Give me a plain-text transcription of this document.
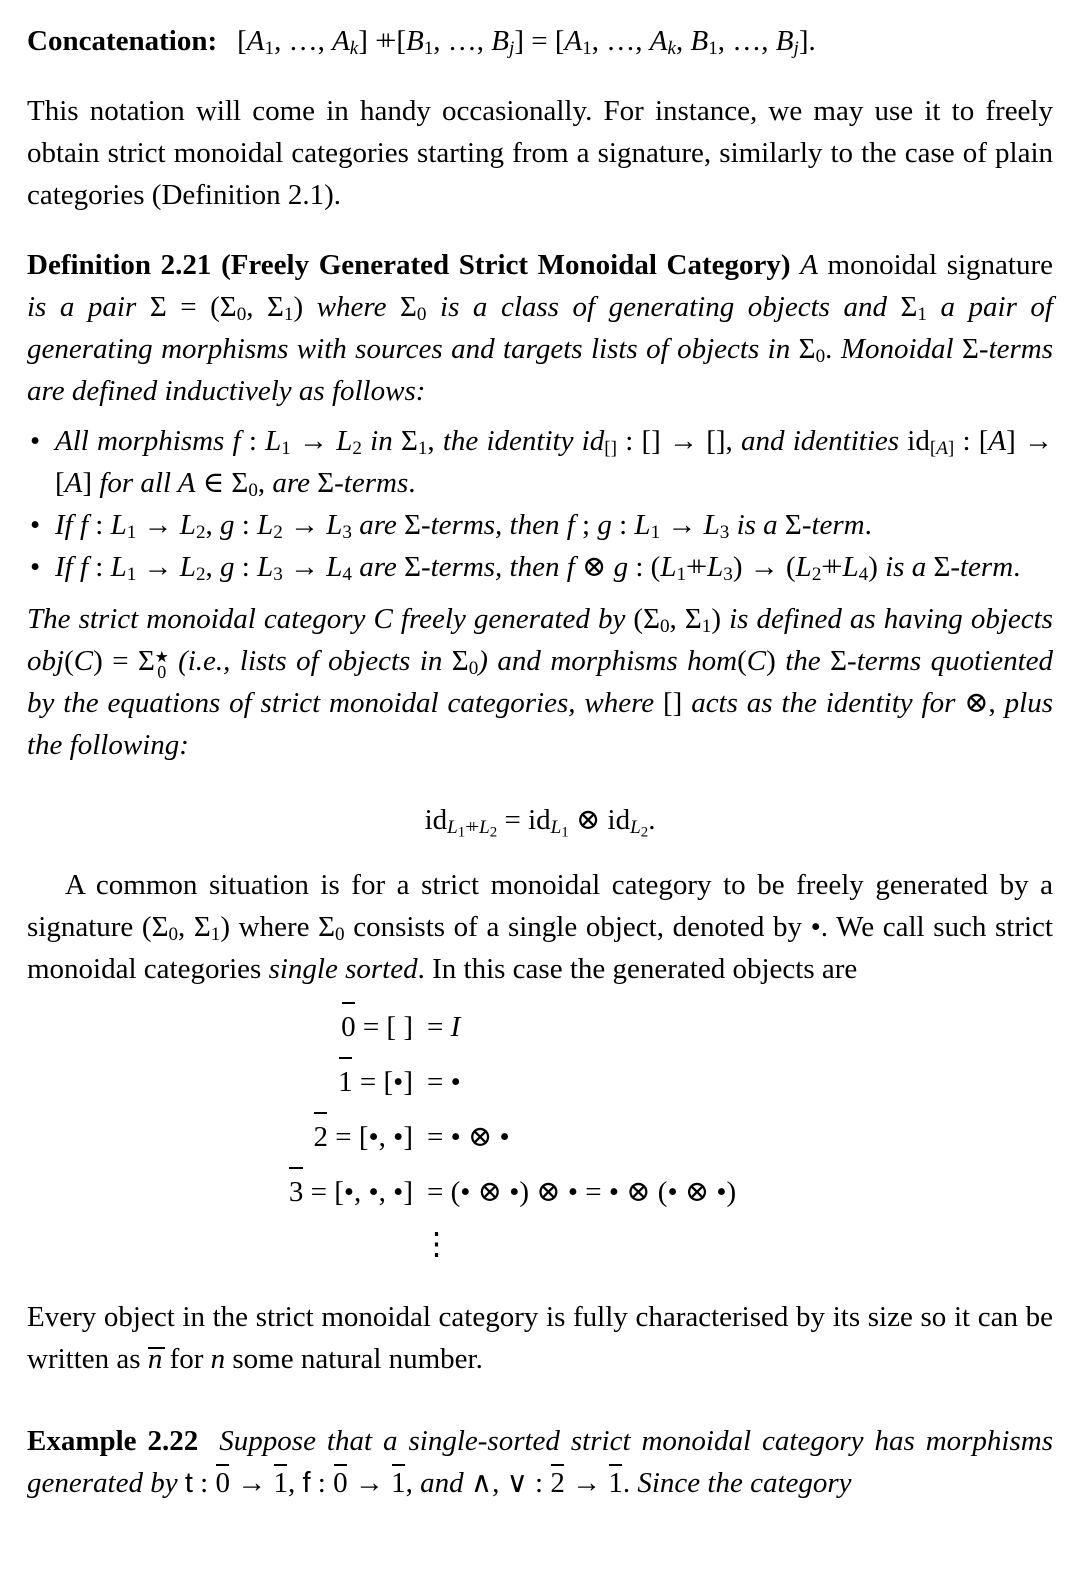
Concatenation: [$A_1$, …, $A_k] ++ [B_1$, …, $B_j] = [A_1$, …, $A_k$, $B_1$, …, $B_j$].

This notation will come in handy occasionally. For instance, we may use it to freely obtain strict monoidal categories starting from a signature, similarly to the case of plain categories (Definition 2.1).

Definition 2.21 (Freely Generated Strict Monoidal Category) A monoidal signature is a pair $\Sigma = (\Sigma_0$, $\Sigma_1$) where $\Sigma_0$ is a class of generating objects and $\Sigma_1$ a pair of generating morphisms with sources and targets lists of objects in $\Sigma_0$. Monoidal Σ-terms are defined inductively as follows:

• All morphisms f : $L_1 \to L_2$ in $\Sigma_1$, the identity $id_{[]}$ : [] → [], and identities $id_{[A]}$ : [A] → [A] for all A ∈ $\Sigma_0$, are Σ-terms.
• If f : $L_1 \to L_2$, g : $L_2 \to L_3$ are Σ-terms, then f ; g : $L_1 \to L_3$ is a Σ-term.
• If f : $L_1 \to L_2$, g : $L_3 \to L_4$ are Σ-terms, then f ⊗ g : $(L_1++ L_3) \to (L_2++ L_4)$ is a Σ-term.

The strict monoidal category C freely generated by ($\Sigma_0$, $\Sigma_1$) is defined as having objects obj(C) = Σ ★
0 (i.e., lists of objects in $\Sigma_0$) and morphisms hom(C) the Σ-terms quotiented by the equations of strict monoidal categories, where [] acts as the identity for ⊗, plus the following:

$id_{L_1++ L_2} = id_{L_1}$ ⊗ $id_{L_2}$.

A common situation is for a strict monoidal category to be freely generated by a signature ($\Sigma_0$, $\Sigma_1$) where $\Sigma_0$ consists of a single object, denoted by •. We call such strict monoidal categories single sorted. In this case the generated objects are

0 = [ ] = I
1 = [•] = •
2 = [•, •] = • ⊗ •
3 = [•, •, •] = (• ⊗ •) ⊗ • = • ⊗ (• ⊗ •)
⋮

Every object in the strict monoidal category is fully characterised by its size so it can be written as n for n some natural number.

Example 2.22 Suppose that a single-sorted strict monoidal category has morphisms generated by t : 0 → 1, f : 0 → 1, and ∧, ∨ : 2 → 1. Since the category
